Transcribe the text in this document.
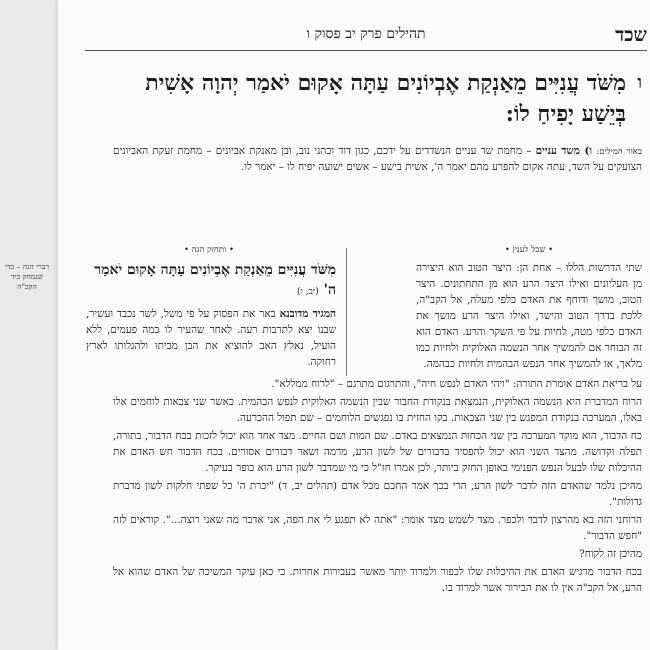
שכד
תהילים פרק יב פסוק ו
ו
מִשֹּׁד עֲנִיִּים מֵאַנְקַת אֶבְיוֹנִים עַתָּה אָקוּם יֹאמַר יְהוָה אָשִׁית בְּיֵשַׁע יָפִיחַ לוֹ:
באור המילים: ו) משד עניים – מחמת שד עניים הנשדדים על ידכם, כגון דוד וכהני נוב, ובן מאנקת אביונים – מחמת זעקת האביונים הצועקים על השד, עתה אקום להפרע מהם יאמר ה', אשית בישע – אשים ישועה יפיח לו – יאמר לו.
• שכל לענין •
• ותחזק הגה •
שתי הדרשות הללו – אחת הן: היצר הטוב הוא היצירה מן העליונים ואילו היצר הרע הוא מן התחתונים. היצר הטוב, מושך ודוחף את האדם כלפי מעלה, אל הקב"ה, ללכת בדרך הטוב והישר, ואילו היצר הרע מושך את האדם כלפי מטה, לחיות על פי השקר והרע. האדם הוא זה הבוחר אם להמשיך אחר הנשמה האלוקית ולחיות כמו מלאך, או להמשיך אחר הנפש הבהמית ולחיות כבהמה.
מִשֹּׁד עֲנִיִּים מֵאַנְקַת אֶבְיוֹנִים עַתָּה אָקוּם יֹאמַר ה' (יב, ו)
המגיד מדובנא באר את הפסוק על פי משל, לשר נכבד ועשיר, שבנו יצא לתרבות רעה. לאחר שהעיר לו כמה פעמים, ללא הועיל, נאלץ האב להוציא את הבן מביתו ולהגלותו לארץ רחוקה.
דברי הגה – כדי שנמחק ביד הקב"ה

על בריאת האדם אומרת התורה: "ויהי האדם לנפש חיה", והתרגום מתרגם – "לרוח ממללא".

הרוח המדברת היא הנשמה האלוקית, הנמצאת בנקודת החבור שבין הנשמה האלוקית לנפש הבהמית. כאשר שני צבאות לוחמים אלו באלו, המערכה בנקודת המפגש בין שני הצבאות. בקו החזית בו נפגשים הלוחמים – שם תפול ההכרעה.

כח הדבור, הוא מוקד המערכה בין שני הכחות הנמצאים באדם. שם המות ושם החיים. מצד אחד הוא יכול לזכות בכח הדבור, בתורה, תפלה וקדושה. מהצד השני הוא יכול להפסיד בדבורים של לשון הרע, מרמה ושאר דבורים אסורים. בכח הדבור חש האדם את ההיכלות שלו לבעל הנפש הפנימי באופן החזק ביותר, לכן אמרו חז"ל כי מי שמדבר לשון הרע הוא כופר בעיקר.

מהיכן נלמד שהאדם הזה לדבר לשון הרע, הרי בכך אמר החכם מכל אדם (תהלים יב, ד) "יכרת ה' כל שפתי חלקות לשון מדברת גדולות".

הרוחני הזה בא מהרצון לדבר ולכפר. מצד לשמש מצד אומר: "אתה לא תפגע לי את הפה, אני אדבר מה שאני רוצה...". קוראים לזה "חפש הדבור".

מהיכן זה לקוח?

בכח הדבור מרגיש האדם את ההיכלות שלו לכפור ולמרוד יותר מאשר בעבירות אחרות. כי כאן עיקר המשיכה של האדם שהוא אל הרע, אל הקב"ה אין לו את הבירור אשר למרוד בו.
